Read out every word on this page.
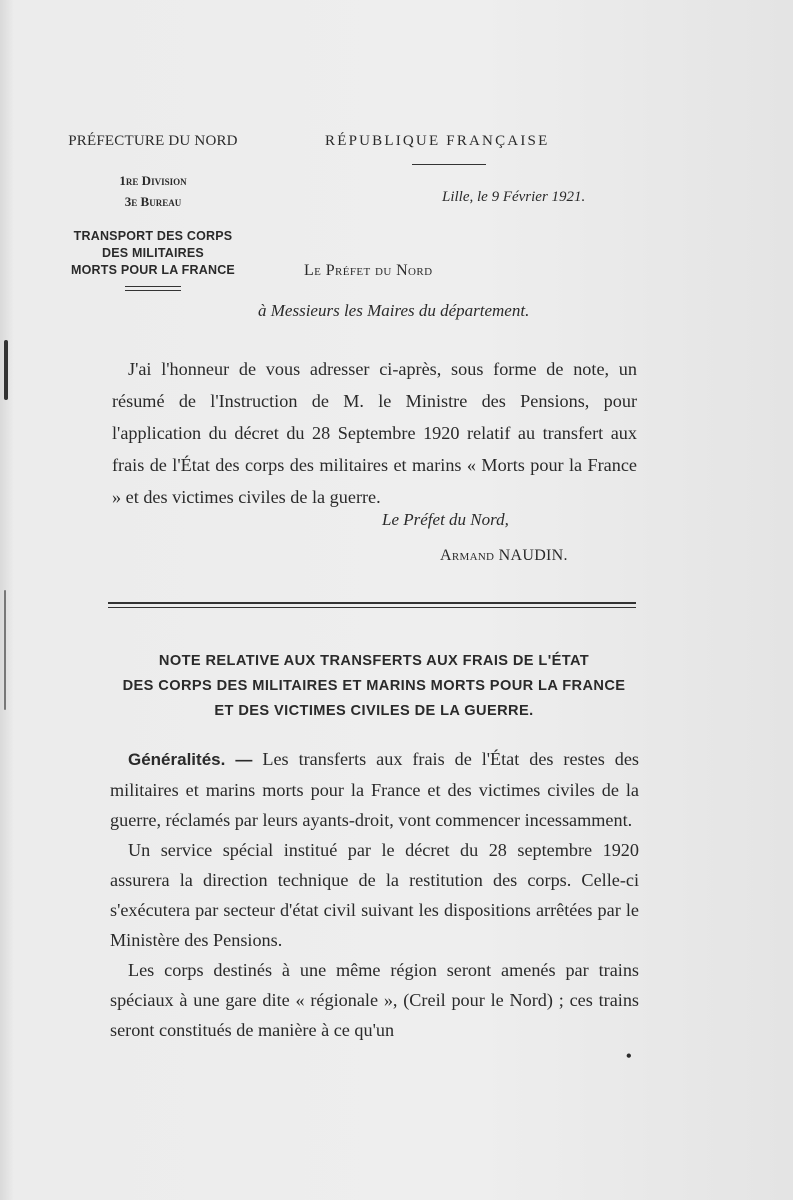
PRÉFECTURE DU NORD
1re Division
3e Bureau
TRANSPORT DES CORPS
DES MILITAIRES
MORTS POUR LA FRANCE
RÉPUBLIQUE FRANÇAISE
Lille, le 9 Février 1921.
Le Préfet du Nord
à Messieurs les Maires du département.

J'ai l'honneur de vous adresser ci-après, sous forme de note, un résumé de l'Instruction de M. le Ministre des Pensions, pour l'application du décret du 28 Septembre 1920 relatif au transfert aux frais de l'État des corps des militaires et marins « Morts pour la France » et des victimes civiles de la guerre.

Le Préfet du Nord,
Armand NAUDIN.
NOTE RELATIVE AUX TRANSFERTS AUX FRAIS DE L'ÉTAT
DES CORPS DES MILITAIRES ET MARINS MORTS POUR LA FRANCE
ET DES VICTIMES CIVILES DE LA GUERRE.

Généralités. — Les transferts aux frais de l'État des restes des militaires et marins morts pour la France et des victimes civiles de la guerre, réclamés par leurs ayants-droit, vont commencer incessamment.

Un service spécial institué par le décret du 28 septembre 1920 assurera la direction technique de la restitution des corps. Celle-ci s'exécutera par secteur d'état civil suivant les dispositions arrêtées par le Ministère des Pensions.

Les corps destinés à une même région seront amenés par trains spéciaux à une gare dite « régionale », (Creil pour le Nord) ; ces trains seront constitués de manière à ce qu'un

•
